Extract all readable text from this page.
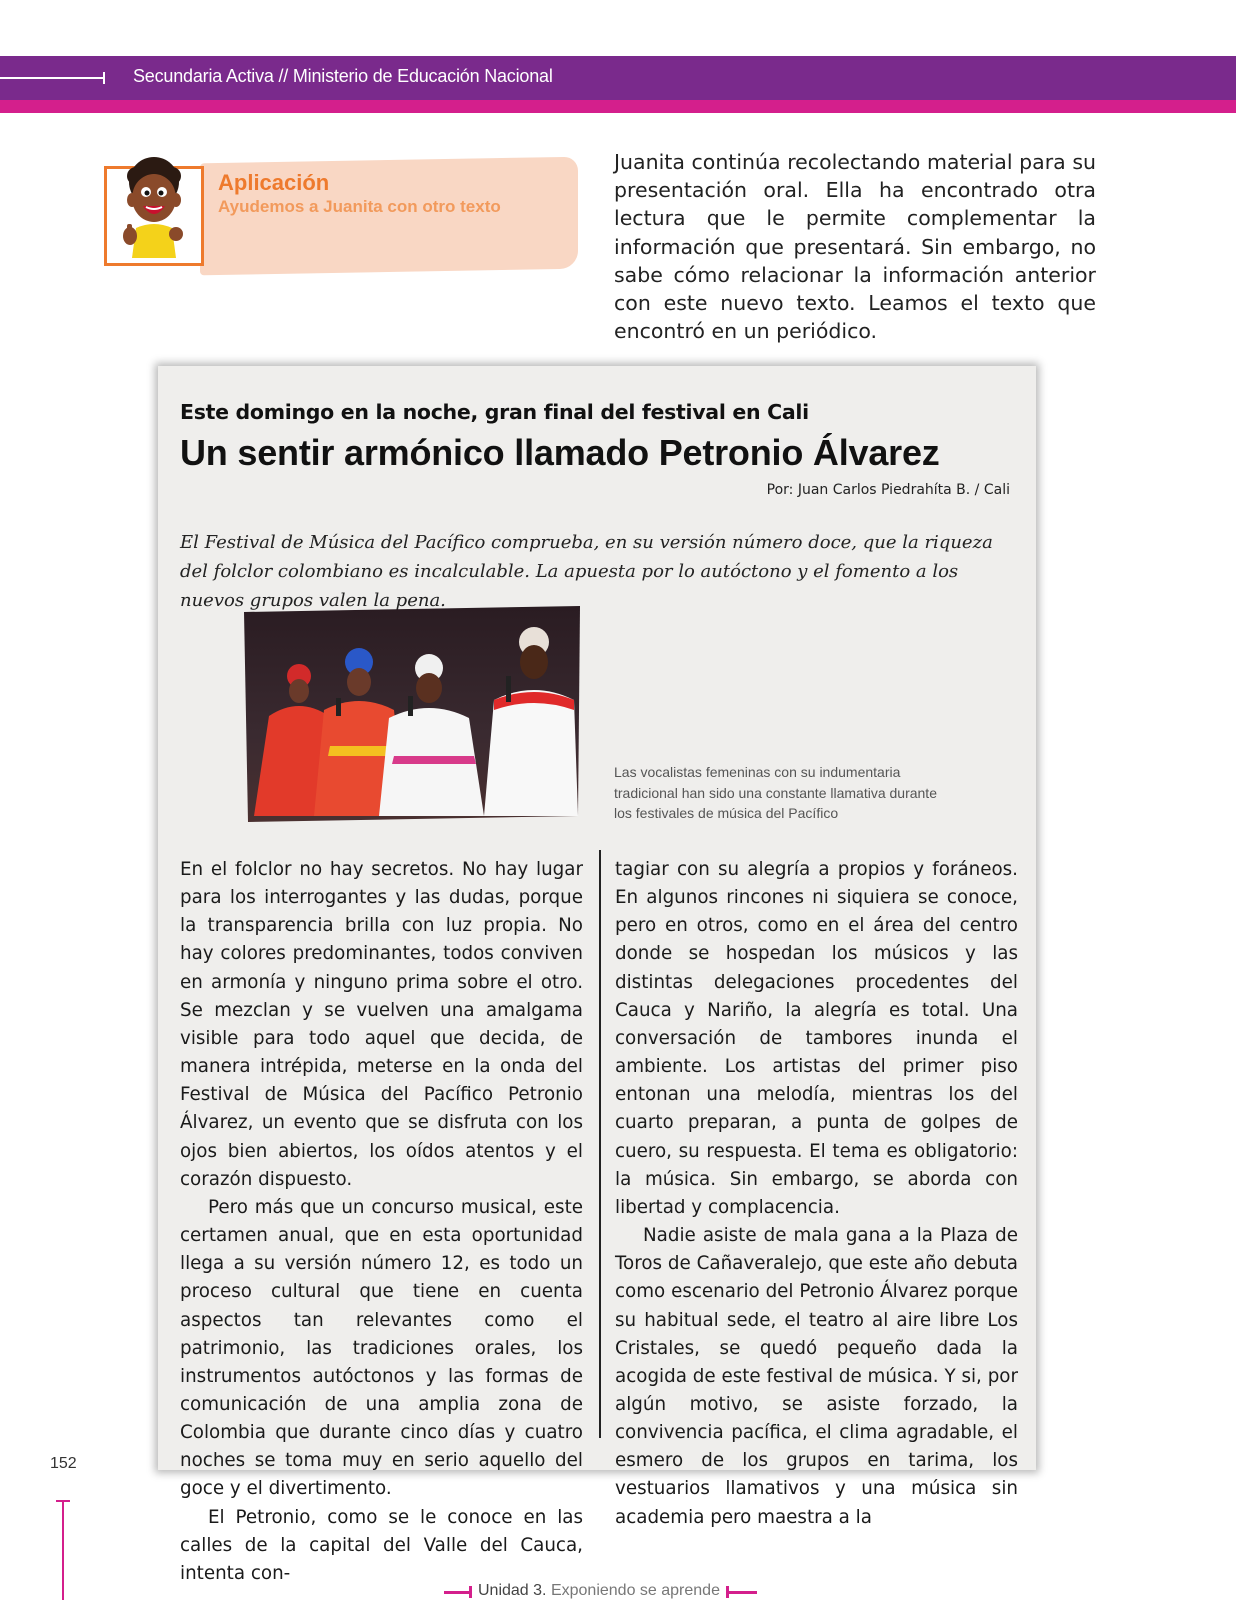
Secundaria Activa // Ministerio de Educación Nacional
Aplicación
Ayudemos a Juanita con otro texto
Juanita continúa recolectando material para su presentación oral. Ella ha encontrado otra lectura que le permite complementar la información que presentará. Sin embargo, no sabe cómo relacionar la información anterior con este nuevo texto. Leamos el texto que encontró en un periódico.
Este domingo en la noche, gran final del festival en Cali
Un sentir armónico llamado Petronio Álvarez
Por: Juan Carlos Piedrahíta B. / Cali
El Festival de Música del Pacífico comprueba, en su versión número doce, que la riqueza del folclor colombiano es incalculable. La apuesta por lo autóctono y el fomento a los nuevos grupos valen la pena.
Las vocalistas femeninas con su indumentaria tradicional han sido una constante llamativa durante los festivales de música del Pacífico

En el folclor no hay secretos. No hay lugar para los interrogantes y las dudas, porque la transparencia brilla con luz propia. No hay colores predominantes, todos conviven en armonía y ninguno prima sobre el otro. Se mezclan y se vuelven una amalgama visible para todo aquel que decida, de manera intrépida, meterse en la onda del Festival de Música del Pacífico Petronio Álvarez, un evento que se disfruta con los ojos bien abiertos, los oídos atentos y el corazón dispuesto.

Pero más que un concurso musical, este certamen anual, que en esta oportunidad llega a su versión número 12, es todo un proceso cultural que tiene en cuenta aspectos tan relevantes como el patrimonio, las tradiciones orales, los instrumentos autóctonos y las formas de comunicación de una amplia zona de Colombia que durante cinco días y cuatro noches se toma muy en serio aquello del goce y el divertimento.

El Petronio, como se le conoce en las calles de la capital del Valle del Cauca, intenta con-

tagiar con su alegría a propios y foráneos. En algunos rincones ni siquiera se conoce, pero en otros, como en el área del centro donde se hospedan los músicos y las distintas delegaciones procedentes del Cauca y Nariño, la alegría es total. Una conversación de tambores inunda el ambiente. Los artistas del primer piso entonan una melodía, mientras los del cuarto preparan, a punta de golpes de cuero, su respuesta. El tema es obligatorio: la música. Sin embargo, se aborda con libertad y complacencia.

Nadie asiste de mala gana a la Plaza de Toros de Cañaveralejo, que este año debuta como escenario del Petronio Álvarez porque su habitual sede, el teatro al aire libre Los Cristales, se quedó pequeño dada la acogida de este festival de música. Y si, por algún motivo, se asiste forzado, la convivencia pacífica, el clima agradable, el esmero de los grupos en tarima, los vestuarios llamativos y una música sin academia pero maestra a la

152
Unidad 3. Exponiendo se aprende
